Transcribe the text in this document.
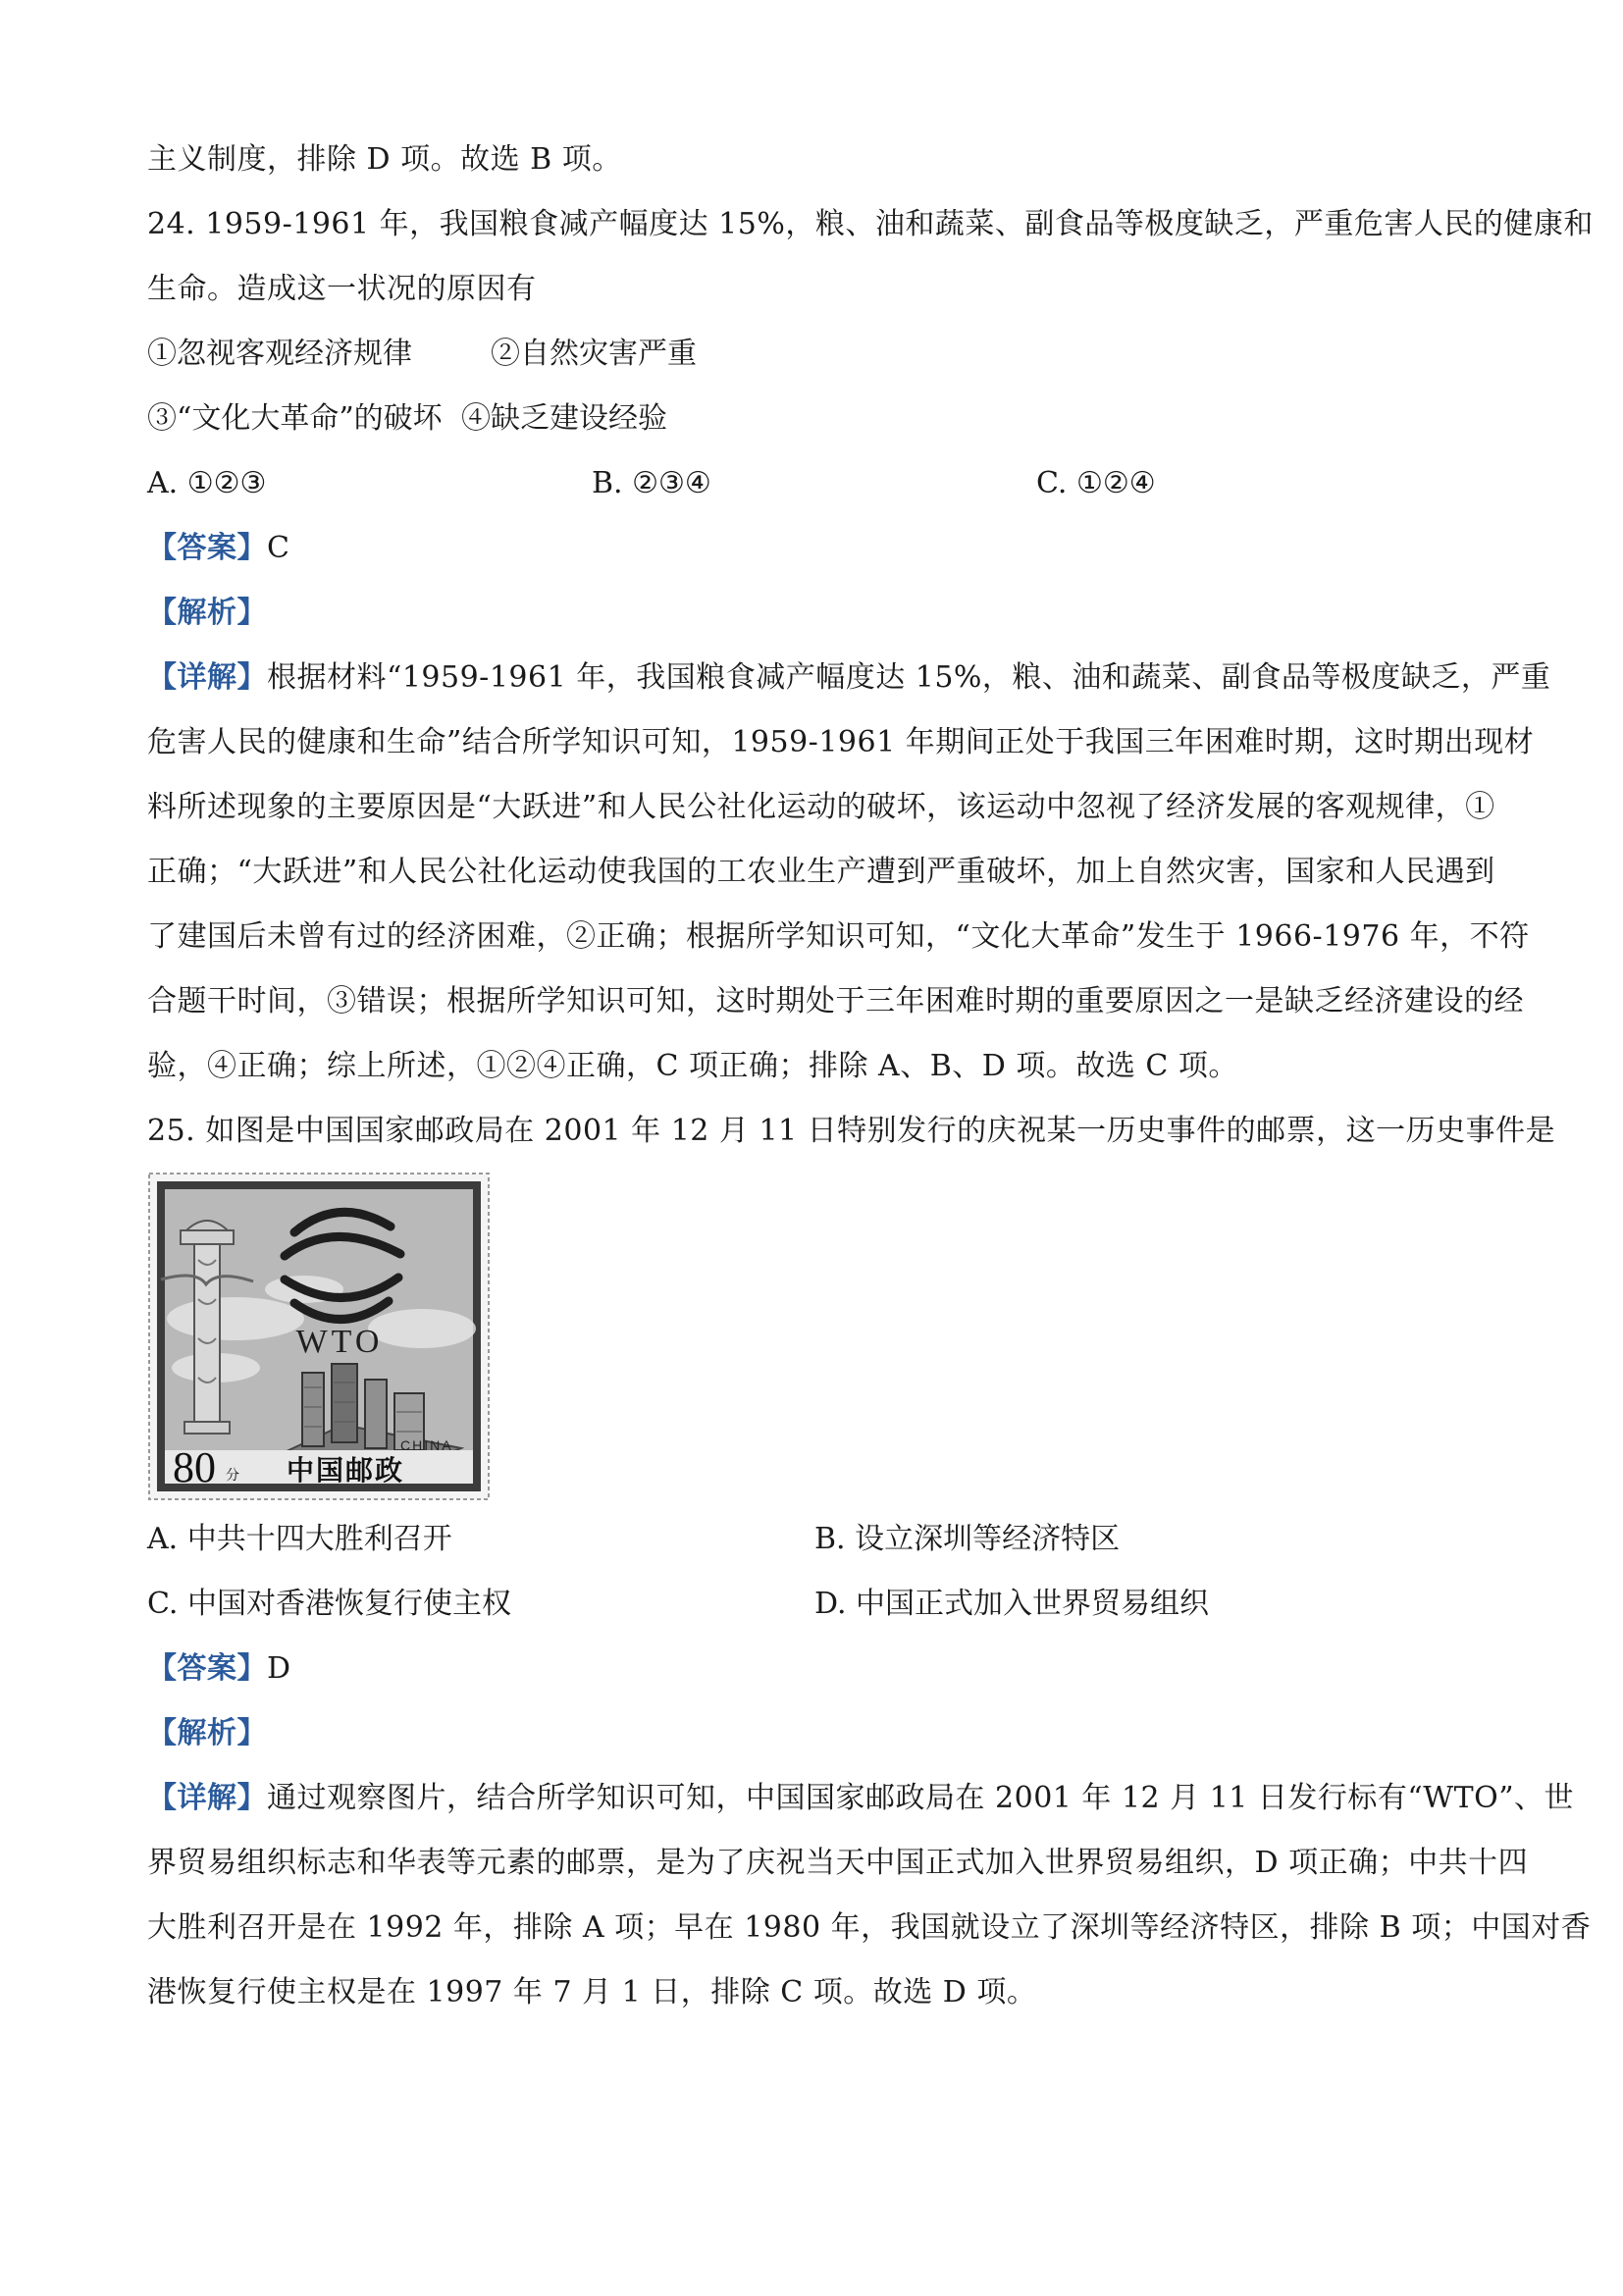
主义制度，排除 D 项。故选 B 项。
24. 1959-1961 年，我国粮食减产幅度达 15%，粮、油和蔬菜、副食品等极度缺乏，严重危害人民的健康和
生命。造成这一状况的原因有
①忽视客观经济规律	②自然灾害严重
③“文化大革命”的破坏 ④缺乏建设经验
A. ①②③	B. ②③④	C. ①②④
【答案】C
【解析】
【详解】根据材料“1959-1961 年，我国粮食减产幅度达 15%，粮、油和蔬菜、副食品等极度缺乏，严重
危害人民的健康和生命”结合所学知识可知，1959-1961 年期间正处于我国三年困难时期，这时期出现材
料所述现象的主要原因是“大跃进”和人民公社化运动的破坏，该运动中忽视了经济发展的客观规律，①
正确；“大跃进”和人民公社化运动使我国的工农业生产遭到严重破坏，加上自然灾害，国家和人民遇到
了建国后未曾有过的经济困难，②正确；根据所学知识可知，“文化大革命”发生于 1966-1976 年，不符
合题干时间，③错误；根据所学知识可知，这时期处于三年困难时期的重要原因之一是缺乏经济建设的经
验，④正确；综上所述，①②④正确，C 项正确；排除 A、B、D 项。故选 C 项。
25. 如图是中国国家邮政局在 2001 年 12 月 11 日特别发行的庆祝某一历史事件的邮票，这一历史事件是
WTO
80 分
CHINA
中国邮政
A. 中共十四大胜利召开	B. 设立深圳等经济特区
C. 中国对香港恢复行使主权	D. 中国正式加入世界贸易组织
【答案】D
【解析】
【详解】通过观察图片，结合所学知识可知，中国国家邮政局在 2001 年 12 月 11 日发行标有“WTO”、世
界贸易组织标志和华表等元素的邮票，是为了庆祝当天中国正式加入世界贸易组织，D 项正确；中共十四
大胜利召开是在 1992 年，排除 A 项；早在 1980 年，我国就设立了深圳等经济特区，排除 B 项；中国对香
港恢复行使主权是在 1997 年 7 月 1 日，排除 C 项。故选 D 项。
